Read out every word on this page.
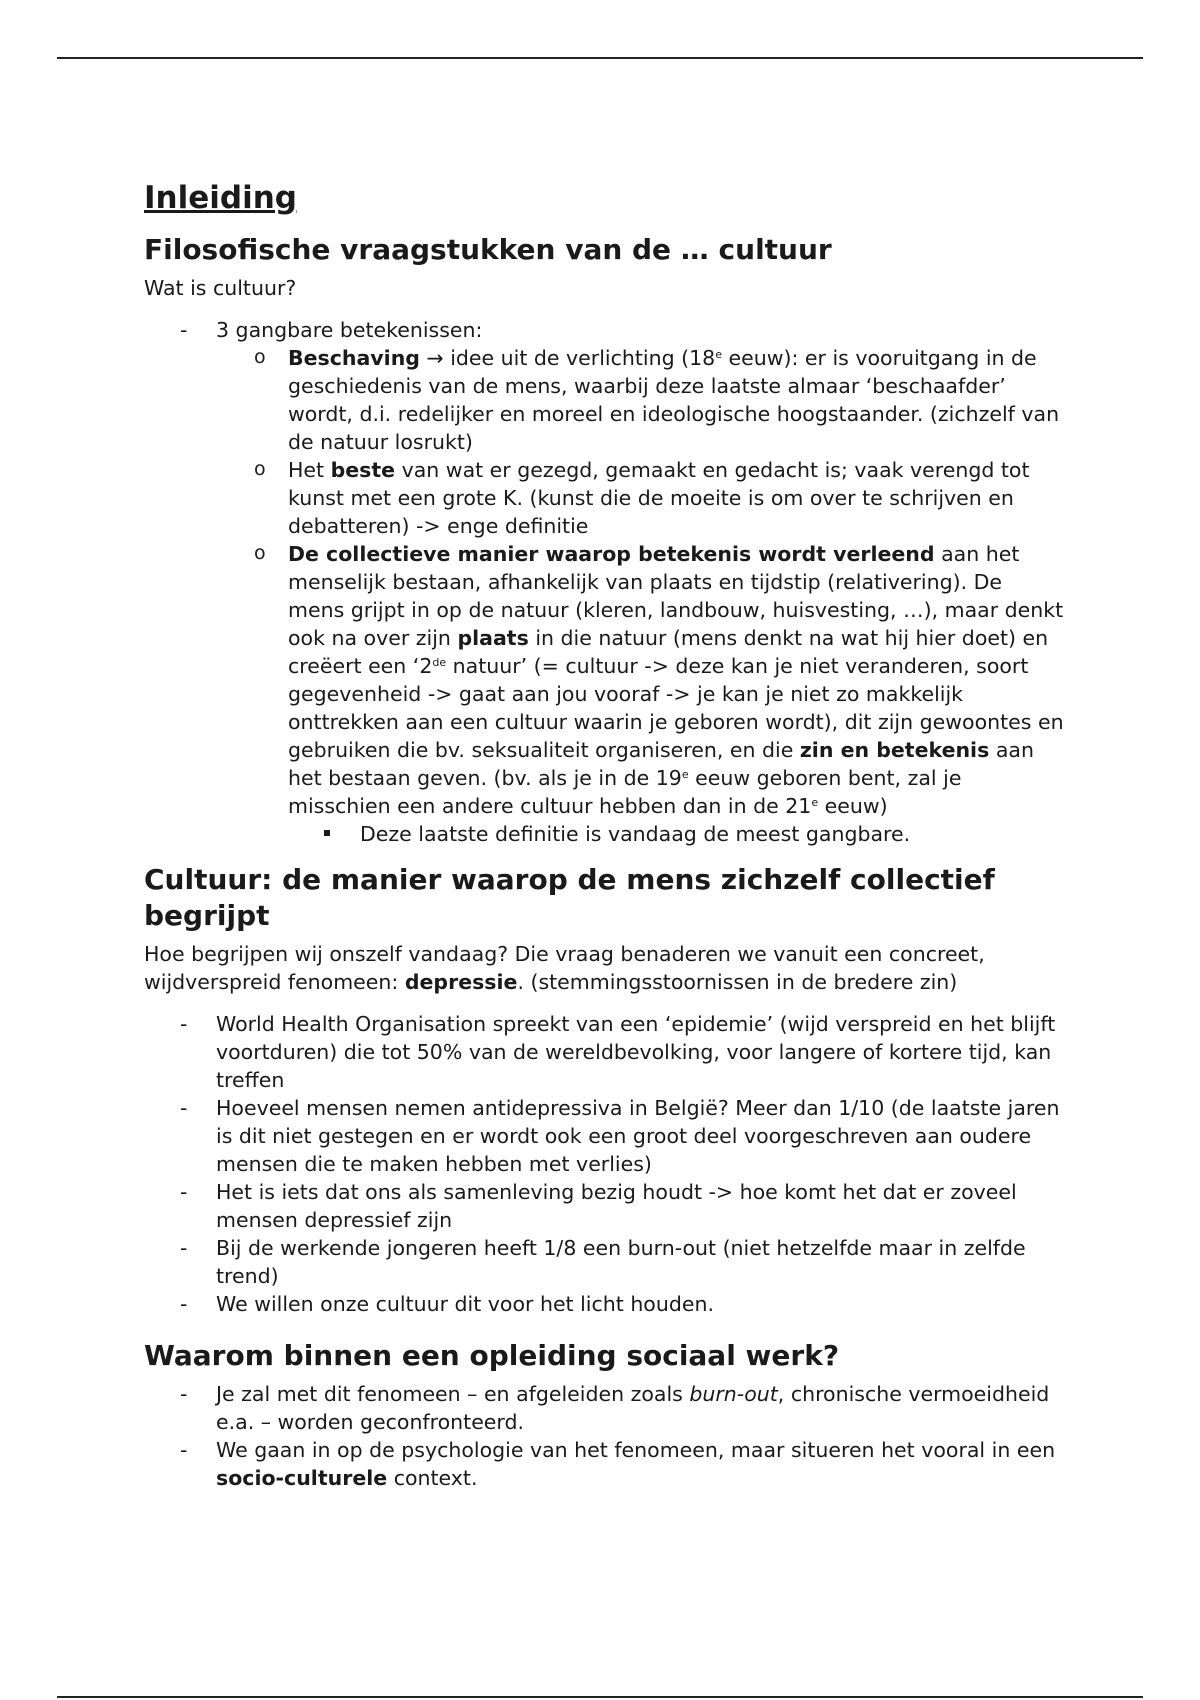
Inleiding
Filosofische vraagstukken van de … cultuur

Wat is cultuur?

- 3 gangbare betekenissen:
o Beschaving → idee uit de verlichting (18e eeuw): er is vooruitgang in de geschiedenis van de mens, waarbij deze laatste almaar ‘beschaafder’ wordt, d.i. redelijker en moreel en ideologische hoogstaander. (zichzelf van de natuur losrukt)
o Het beste van wat er gezegd, gemaakt en gedacht is; vaak verengd tot kunst met een grote K. (kunst die de moeite is om over te schrijven en debatteren) -> enge definitie
o De collectieve manier waarop betekenis wordt verleend aan het menselijk bestaan, afhankelijk van plaats en tijdstip (relativering). De mens grijpt in op de natuur (kleren, landbouw, huisvesting, …), maar denkt ook na over zijn plaats in die natuur (mens denkt na wat hij hier doet) en creëert een ‘2de natuur’ (= cultuur -> deze kan je niet veranderen, soort gegevenheid -> gaat aan jou vooraf -> je kan je niet zo makkelijk onttrekken aan een cultuur waarin je geboren wordt), dit zijn gewoontes en gebruiken die bv. seksualiteit organiseren, en die zin en betekenis aan het bestaan geven. (bv. als je in de 19e eeuw geboren bent, zal je misschien een andere cultuur hebben dan in de 21e eeuw)
Deze laatste definitie is vandaag de meest gangbare.
Cultuur: de manier waarop de mens zichzelf collectief begrijpt

Hoe begrijpen wij onszelf vandaag? Die vraag benaderen we vanuit een concreet, wijdverspreid fenomeen: depressie. (stemmingsstoornissen in de bredere zin)

- World Health Organisation spreekt van een ‘epidemie’ (wijd verspreid en het blijft voortduren) die tot 50% van de wereldbevolking, voor langere of kortere tijd, kan treffen
- Hoeveel mensen nemen antidepressiva in België? Meer dan 1/10 (de laatste jaren is dit niet gestegen en er wordt ook een groot deel voorgeschreven aan oudere mensen die te maken hebben met verlies)
- Het is iets dat ons als samenleving bezig houdt -> hoe komt het dat er zoveel mensen depressief zijn
- Bij de werkende jongeren heeft 1/8 een burn-out (niet hetzelfde maar in zelfde trend)
- We willen onze cultuur dit voor het licht houden.
Waarom binnen een opleiding sociaal werk?
- Je zal met dit fenomeen – en afgeleiden zoals burn-out, chronische vermoeidheid e.a. – worden geconfronteerd.
- We gaan in op de psychologie van het fenomeen, maar situeren het vooral in een socio-culturele context.
